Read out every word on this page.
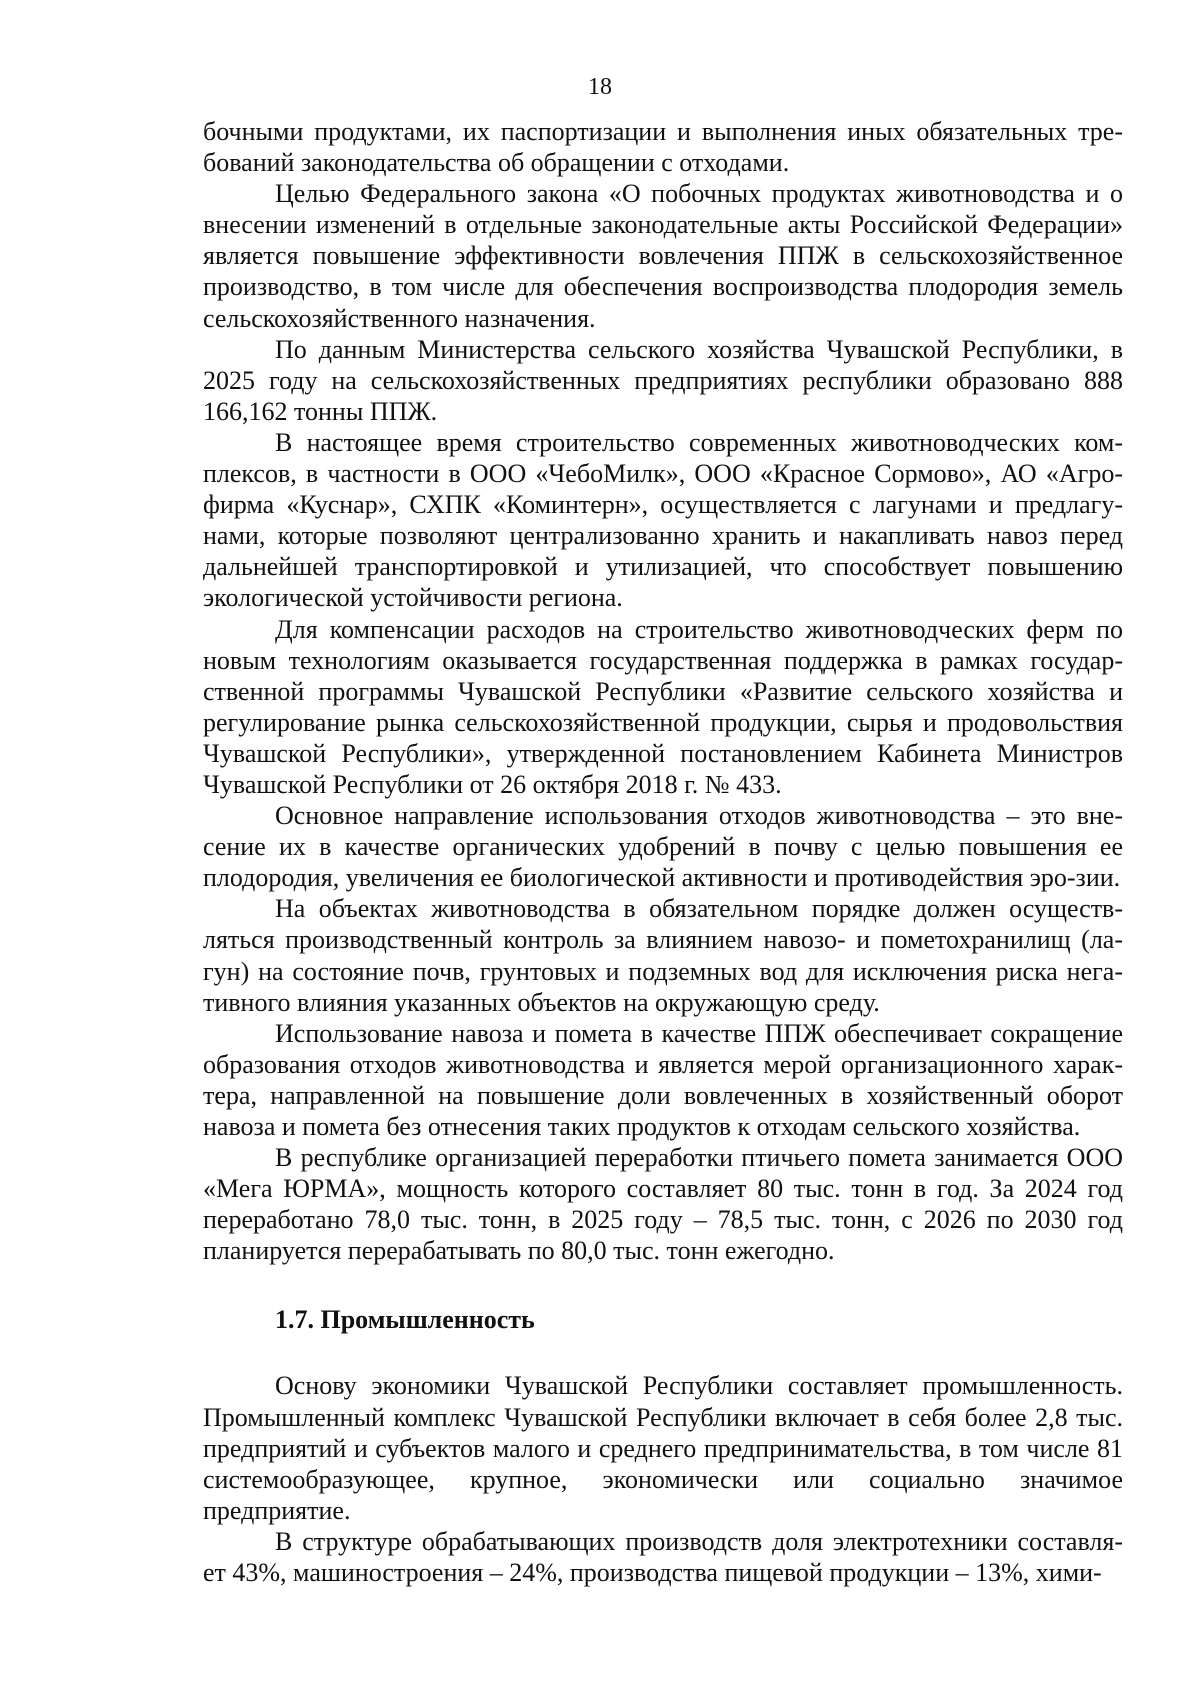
18

бочными продуктами, их паспортизации и выполнения иных обязательных тре-бований законодательства об обращении с отходами.

Целью Федерального закона «О побочных продуктах животноводства и о внесении изменений в отдельные законодательные акты Российской Федерации» является повышение эффективности вовлечения ППЖ в сельскохозяйственное производство, в том числе для обеспечения воспроизводства плодородия земель сельскохозяйственного назначения.

По данным Министерства сельского хозяйства Чувашской Республики, в 2025 году на сельскохозяйственных предприятиях республики образовано 888 166,162 тонны ППЖ.

В настоящее время строительство современных животноводческих ком-плексов, в частности в ООО «ЧебоМилк», ООО «Красное Сормово», АО «Агро-фирма «Куснар», СХПК «Коминтерн», осуществляется с лагунами и предлагу-нами, которые позволяют централизованно хранить и накапливать навоз перед дальнейшей транспортировкой и утилизацией, что способствует повышению экологической устойчивости региона.

Для компенсации расходов на строительство животноводческих ферм по новым технологиям оказывается государственная поддержка в рамках государ-ственной программы Чувашской Республики «Развитие сельского хозяйства и регулирование рынка сельскохозяйственной продукции, сырья и продовольствия Чувашской Республики», утвержденной постановлением Кабинета Министров Чувашской Республики от 26 октября 2018 г. № 433.

Основное направление использования отходов животноводства – это вне-сение их в качестве органических удобрений в почву с целью повышения ее плодородия, увеличения ее биологической активности и противодействия эро-зии.

На объектах животноводства в обязательном порядке должен осуществ-ляться производственный контроль за влиянием навозо- и пометохранилищ (ла-гун) на состояние почв, грунтовых и подземных вод для исключения риска нега-тивного влияния указанных объектов на окружающую среду.

Использование навоза и помета в качестве ППЖ обеспечивает сокращение образования отходов животноводства и является мерой организационного харак-тера, направленной на повышение доли вовлеченных в хозяйственный оборот навоза и помета без отнесения таких продуктов к отходам сельского хозяйства.

В республике организацией переработки птичьего помета занимается ООО «Мега ЮРМА», мощность которого составляет 80 тыс. тонн в год. За 2024 год переработано 78,0 тыс. тонн, в 2025 году – 78,5 тыс. тонн, с 2026 по 2030 год планируется перерабатывать по 80,0 тыс. тонн ежегодно.

1.7. Промышленность

Основу экономики Чувашской Республики составляет промышленность. Промышленный комплекс Чувашской Республики включает в себя более 2,8 тыс. предприятий и субъектов малого и среднего предпринимательства, в том числе 81 системообразующее, крупное, экономически или социально значимое предприятие.

В структуре обрабатывающих производств доля электротехники составля-ет 43%, машиностроения – 24%, производства пищевой продукции – 13%, хими-
